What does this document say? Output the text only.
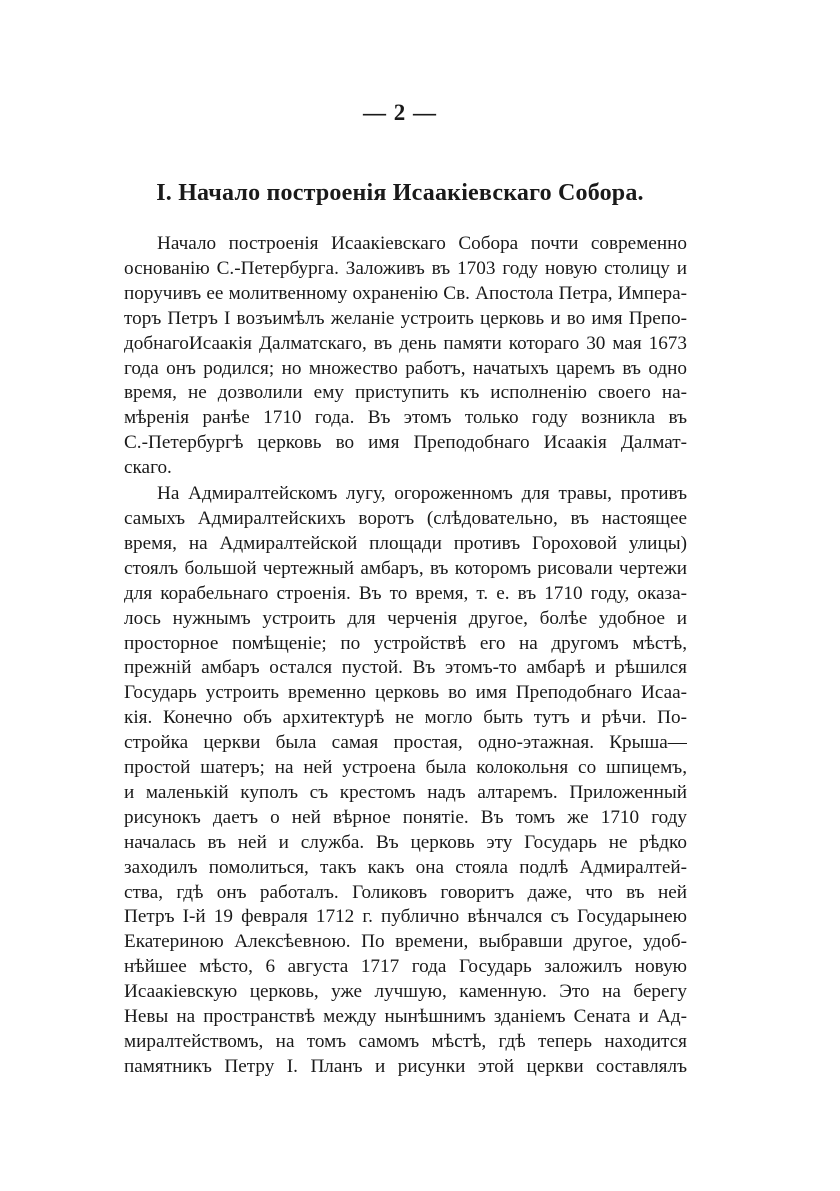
— 2 —
I. Начало построенія Исаакіевскаго Собора.
Начало построенія Исаакіевскаго Собора почти современно
основанію С.-Петербурга. Заложивъ въ 1703 году новую столицу и
поручивъ ее молитвенному охраненію Св. Апостола Петра, Импера-
торъ Петръ I возъимѣлъ желаніе устроить церковь и во имя Препо-
добнагоИсаакія Далматскаго, въ день памяти котораго 30 мая 1673
года онъ родился; но множество работъ, начатыхъ царемъ въ одно
время, не дозволили ему приступить къ исполненію своего на-
мѣренія ранѣе 1710 года. Въ этомъ только году возникла въ
С.-Петербургѣ церковь во имя Преподобнаго Исаакія Далмат-
скаго.
На Адмиралтейскомъ лугу, огороженномъ для травы, противъ
самыхъ Адмиралтейскихъ воротъ (слѣдовательно, въ настоящее
время, на Адмиралтейской площади противъ Гороховой улицы)
стоялъ большой чертежный амбаръ, въ которомъ рисовали чертежи
для корабельнаго строенія. Въ то время, т. е. въ 1710 году, оказа-
лось нужнымъ устроить для черченія другое, болѣе удобное и
просторное помѣщеніе; по устройствѣ его на другомъ мѣстѣ,
прежній амбаръ остался пустой. Въ этомъ-то амбарѣ и рѣшился
Государь устроить временно церковь во имя Преподобнаго Исаа-
кія. Конечно объ архитектурѣ не могло быть тутъ и рѣчи. По-
стройка церкви была самая простая, одно-этажная. Крыша—
простой шатеръ; на ней устроена была колокольня со шпицемъ,
и маленькій куполъ съ крестомъ надъ алтаремъ. Приложенный
рисунокъ даетъ о ней вѣрное понятіе. Въ томъ же 1710 году
началась въ ней и служба. Въ церковь эту Государь не рѣдко
заходилъ помолиться, такъ какъ она стояла подлѣ Адмиралтей-
ства, гдѣ онъ работалъ. Голиковъ говоритъ даже, что въ ней
Петръ I-й 19 февраля 1712 г. публично вѣнчался съ Государынею
Екатериною Алексѣевною. По времени, выбравши другое, удоб-
нѣйшее мѣсто, 6 августа 1717 года Государь заложилъ новую
Исаакіевскую церковь, уже лучшую, каменную. Это на берегу
Невы на пространствѣ между нынѣшнимъ зданіемъ Сената и Ад-
миралтействомъ, на томъ самомъ мѣстѣ, гдѣ теперь находится
памятникъ Петру I. Планъ и рисунки этой церкви составлялъ
